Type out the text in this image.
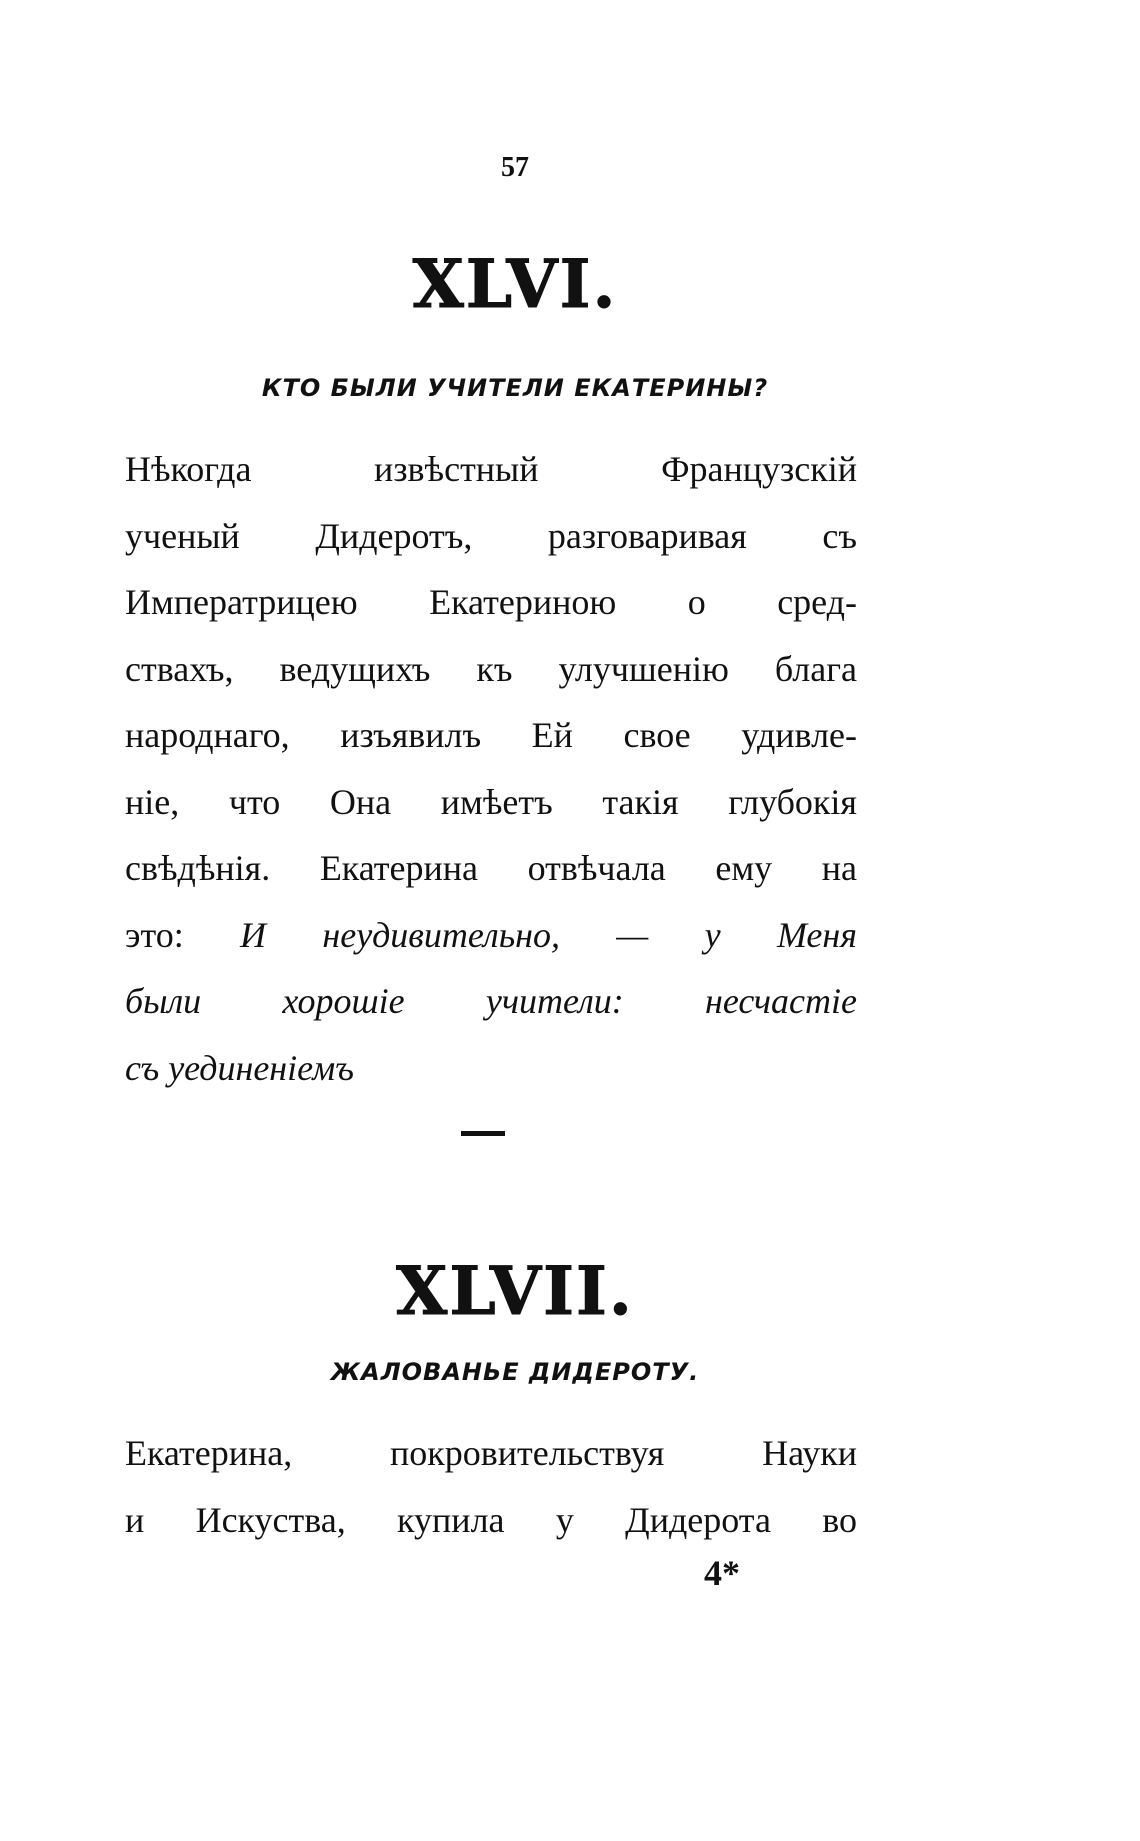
57
XLVI.
КТО БЫЛИ УЧИТЕЛИ ЕКАТЕРИНЫ?
Нѣкогда извѣстный Французскій
ученый Дидеротъ, разговаривая съ
Императрицею Екатериною о сред-
ствахъ, ведущихъ къ улучшенію блага
народнаго, изъявилъ Ей свое удивле-
ніе, что Она имѣетъ такія глубокія
свѣдѣнія. Екатерина отвѣчала ему на
это: И неудивительно, — у Меня
были хорошіе учители: несчастіе
съ уединеніемъ
XLVII.
ЖАЛОВАНЬЕ ДИДЕРОТУ.
Екатерина, покровительствуя Науки
и Искуства, купила у Дидерота во
4*
